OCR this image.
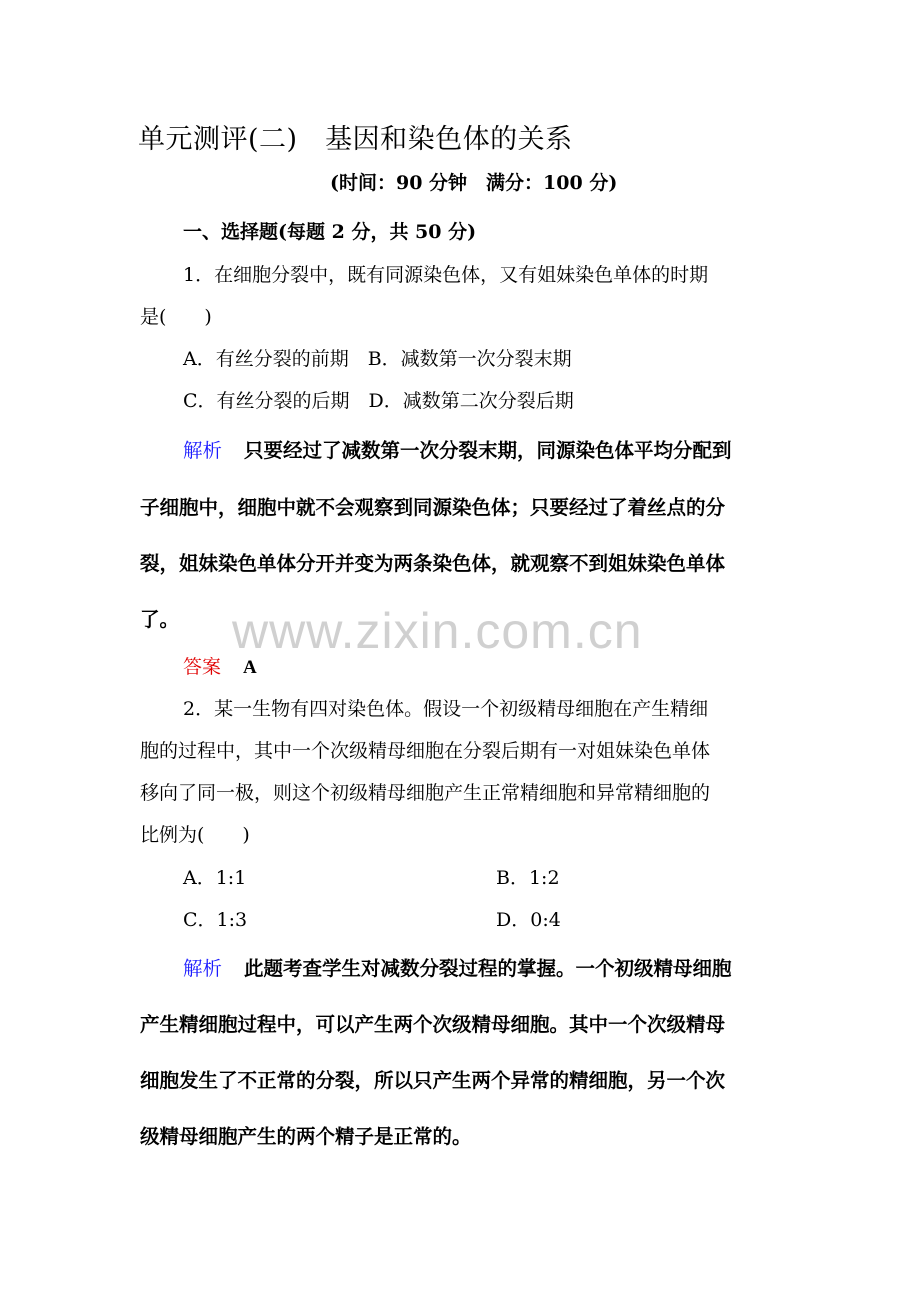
单元测评(二)　基因和染色体的关系
(时间：90 分钟　满分：100 分)
一、选择题(每题 2 分，共 50 分)
1．在细胞分裂中，既有同源染色体，又有姐妹染色单体的时期
是(　　)
A．有丝分裂的前期　B．减数第一次分裂末期
C．有丝分裂的后期　D．减数第二次分裂后期
解析 只要经过了减数第一次分裂末期，同源染色体平均分配到
子细胞中，细胞中就不会观察到同源染色体；只要经过了着丝点的分
裂，姐妹染色单体分开并变为两条染色体，就观察不到姐妹染色单体
了。	www.zixin.com.cn
答案 A
2．某一生物有四对染色体。假设一个初级精母细胞在产生精细
胞的过程中，其中一个次级精母细胞在分裂后期有一对姐妹染色单体
移向了同一极，则这个初级精母细胞产生正常精细胞和异常精细胞的
比例为(　　)
A．1:1	B．1:2
C．1:3	D．0:4
解析 此题考查学生对减数分裂过程的掌握。一个初级精母细胞
产生精细胞过程中，可以产生两个次级精母细胞。其中一个次级精母
细胞发生了不正常的分裂，所以只产生两个异常的精细胞，另一个次
级精母细胞产生的两个精子是正常的。
